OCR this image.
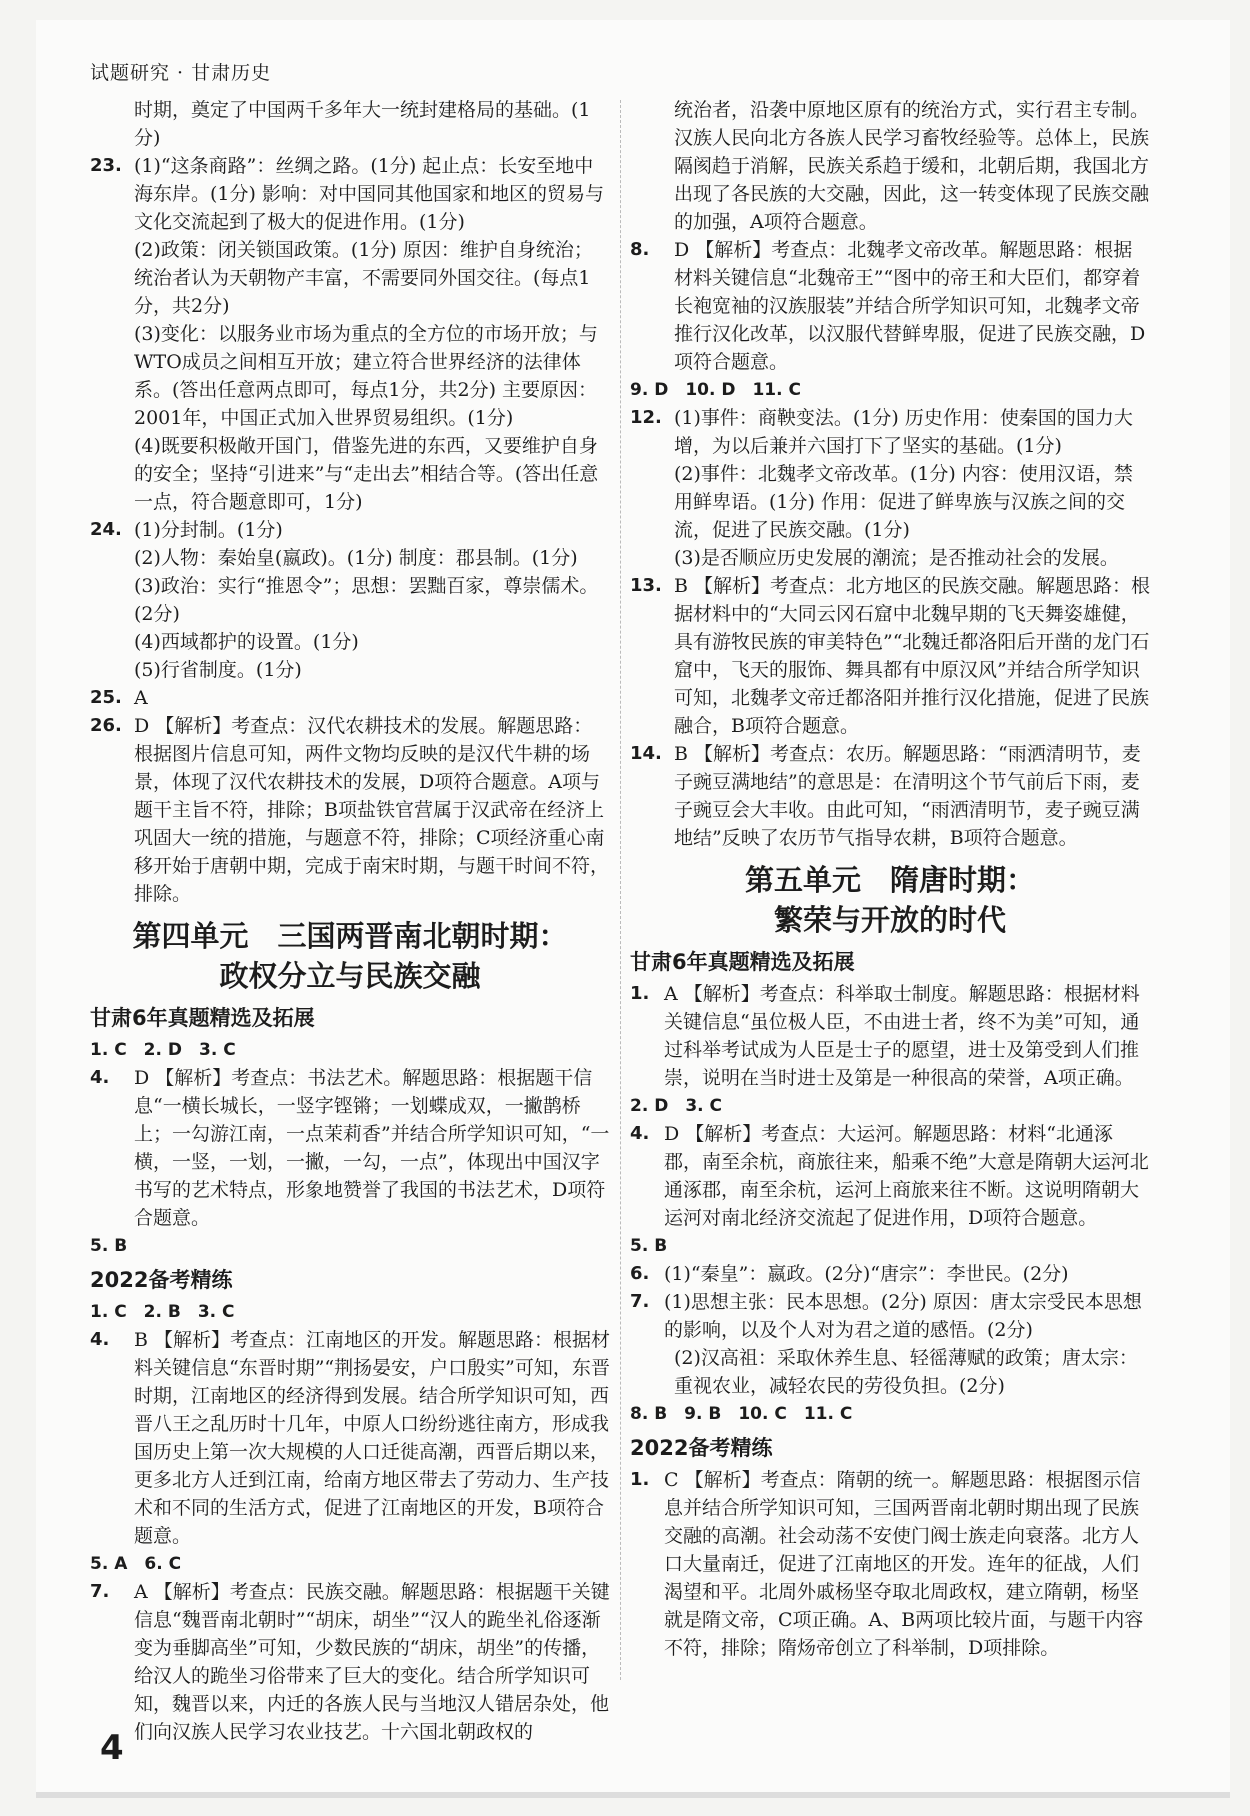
试题研究 · 甘肃历史

时期，奠定了中国两千多年大一统封建格局的基础。(1分)

23. (1)“这条商路”：丝绸之路。(1分) 起止点：长安至地中海东岸。(1分) 影响：对中国同其他国家和地区的贸易与文化交流起到了极大的促进作用。(1分)

(2)政策：闭关锁国政策。(1分) 原因：维护自身统治；统治者认为天朝物产丰富，不需要同外国交往。(每点1分，共2分)

(3)变化：以服务业市场为重点的全方位的市场开放；与WTO成员之间相互开放；建立符合世界经济的法律体系。(答出任意两点即可，每点1分，共2分) 主要原因：2001年，中国正式加入世界贸易组织。(1分)

(4)既要积极敞开国门，借鉴先进的东西，又要维护自身的安全；坚持“引进来”与“走出去”相结合等。(答出任意一点，符合题意即可，1分)

24. (1)分封制。(1分)

(2)人物：秦始皇(嬴政)。(1分) 制度：郡县制。(1分)

(3)政治：实行“推恩令”；思想：罢黜百家，尊崇儒术。(2分)

(4)西域都护的设置。(1分)

(5)行省制度。(1分)

25. A
26. D 【解析】考查点：汉代农耕技术的发展。解题思路：根据图片信息可知，两件文物均反映的是汉代牛耕的场景，体现了汉代农耕技术的发展，D项符合题意。A项与题干主旨不符，排除；B项盐铁官营属于汉武帝在经济上巩固大一统的措施，与题意不符，排除；C项经济重心南移开始于唐朝中期，完成于南宋时期，与题干时间不符，排除。
第四单元　三国两晋南北朝时期：
政权分立与民族交融
甘肃6年真题精选及拓展

1. C　2. D　3. C

4.	D 【解析】考查点：书法艺术。解题思路：根据题干信息“一横长城长，一竖字铿锵；一划蝶成双，一撇鹊桥上；一勾游江南，一点茉莉香”并结合所学知识可知，“一横，一竖，一划，一撇，一勾，一点”，体现出中国汉字书写的艺术特点，形象地赞誉了我国的书法艺术，D项符合题意。

5. B

2022备考精练

1. C　2. B　3. C

4.	B 【解析】考查点：江南地区的开发。解题思路：根据材料关键信息“东晋时期”“荆扬晏安，户口殷实”可知，东晋时期，江南地区的经济得到发展。结合所学知识可知，西晋八王之乱历时十几年，中原人口纷纷逃往南方，形成我国历史上第一次大规模的人口迁徙高潮，西晋后期以来，更多北方人迁到江南，给南方地区带去了劳动力、生产技术和不同的生活方式，促进了江南地区的开发，B项符合题意。

5. A　6. C

7.	A 【解析】考查点：民族交融。解题思路：根据题干关键信息“魏晋南北朝时”“胡床，胡坐”“汉人的跪坐礼俗逐渐变为垂脚高坐”可知，少数民族的“胡床，胡坐”的传播，给汉人的跪坐习俗带来了巨大的变化。结合所学知识可知，魏晋以来，内迁的各族人民与当地汉人错居杂处，他们向汉族人民学习农业技艺。十六国北朝政权的

统治者，沿袭中原地区原有的统治方式，实行君主专制。汉族人民向北方各族人民学习畜牧经验等。总体上，民族隔阂趋于消解，民族关系趋于缓和，北朝后期，我国北方出现了各民族的大交融，因此，这一转变体现了民族交融的加强，A项符合题意。

8.	D 【解析】考查点：北魏孝文帝改革。解题思路：根据材料关键信息“北魏帝王”“图中的帝王和大臣们，都穿着长袍宽袖的汉族服装”并结合所学知识可知，北魏孝文帝推行汉化改革，以汉服代替鲜卑服，促进了民族交融，D项符合题意。

9. D　10. D　11. C

12. (1)事件：商鞅变法。(1分) 历史作用：使秦国的国力大增，为以后兼并六国打下了坚实的基础。(1分)

(2)事件：北魏孝文帝改革。(1分) 内容：使用汉语，禁用鲜卑语。(1分) 作用：促进了鲜卑族与汉族之间的交流，促进了民族交融。(1分)

(3)是否顺应历史发展的潮流；是否推动社会的发展。

13. B 【解析】考查点：北方地区的民族交融。解题思路：根据材料中的“大同云冈石窟中北魏早期的飞天舞姿雄健，具有游牧民族的审美特色”“北魏迁都洛阳后开凿的龙门石窟中，飞天的服饰、舞具都有中原汉风”并结合所学知识可知，北魏孝文帝迁都洛阳并推行汉化措施，促进了民族融合，B项符合题意。
14. B 【解析】考查点：农历。解题思路：“雨洒清明节，麦子豌豆满地结”的意思是：在清明这个节气前后下雨，麦子豌豆会大丰收。由此可知，“雨洒清明节，麦子豌豆满地结”反映了农历节气指导农耕，B项符合题意。
第五单元　隋唐时期：
繁荣与开放的时代
甘肃6年真题精选及拓展
1. A 【解析】考查点：科举取士制度。解题思路：根据材料关键信息“虽位极人臣，不由进士者，终不为美”可知，通过科举考试成为人臣是士子的愿望，进士及第受到人们推崇，说明在当时进士及第是一种很高的荣誉，A项正确。

2. D　3. C

4. D 【解析】考查点：大运河。解题思路：材料“北通涿郡，南至余杭，商旅往来，船乘不绝”大意是隋朝大运河北通涿郡，南至余杭，运河上商旅来往不断。这说明隋朝大运河对南北经济交流起了促进作用，D项符合题意。

5. B

6. (1)“秦皇”：嬴政。(2分)“唐宗”：李世民。(2分)
7. (1)思想主张：民本思想。(2分) 原因：唐太宗受民本思想的影响，以及个人对为君之道的感悟。(2分)

(2)汉高祖：采取休养生息、轻徭薄赋的政策；唐太宗：重视农业，减轻农民的劳役负担。(2分)

8. B　9. B　10. C　11. C

2022备考精练
1. C 【解析】考查点：隋朝的统一。解题思路：根据图示信息并结合所学知识可知，三国两晋南北朝时期出现了民族交融的高潮。社会动荡不安使门阀士族走向衰落。北方人口大量南迁，促进了江南地区的开发。连年的征战，人们渴望和平。北周外戚杨坚夺取北周政权，建立隋朝，杨坚就是隋文帝，C项正确。A、B两项比较片面，与题干内容不符，排除；隋炀帝创立了科举制，D项排除。
4
